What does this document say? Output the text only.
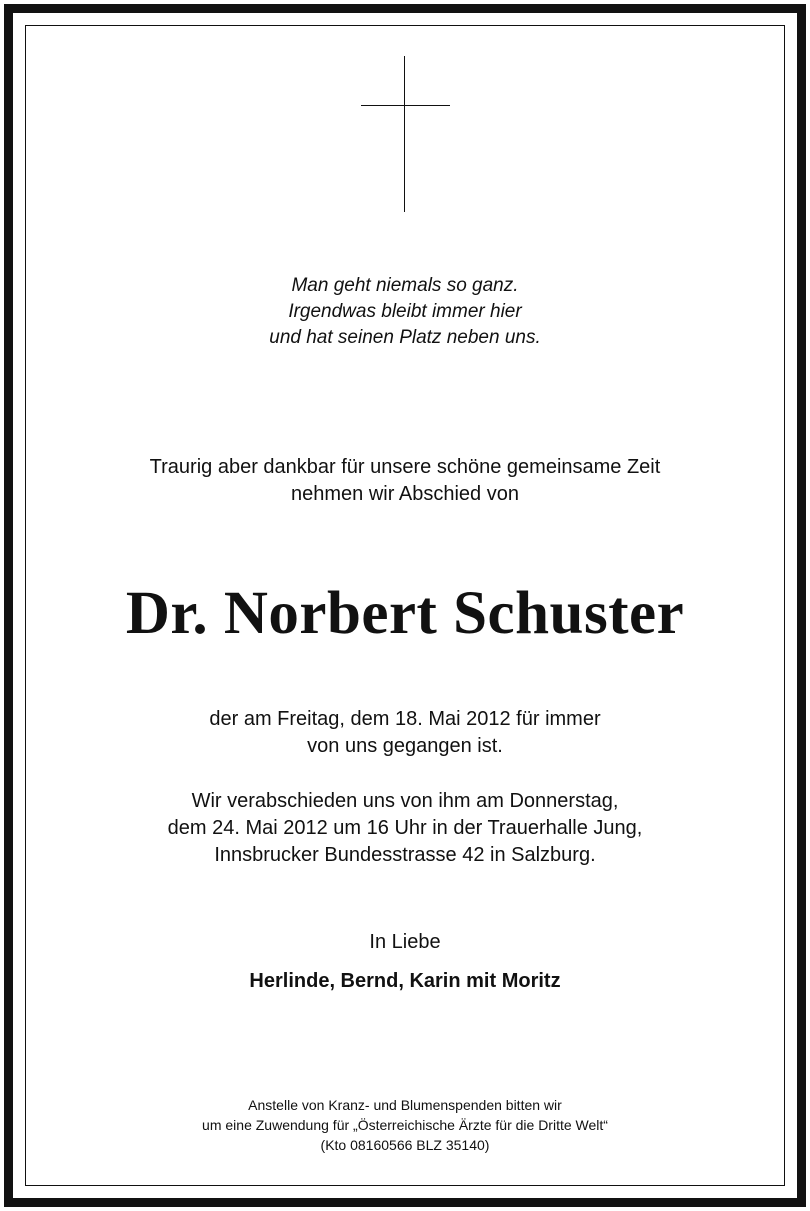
Man geht niemals so ganz.
Irgendwas bleibt immer hier
und hat seinen Platz neben uns.
Traurig aber dankbar für unsere schöne gemeinsame Zeit
nehmen wir Abschied von
Dr. Norbert Schuster
der am Freitag, dem 18. Mai 2012 für immer
von uns gegangen ist.
Wir verabschieden uns von ihm am Donnerstag,
dem 24. Mai 2012 um 16 Uhr in der Trauerhalle Jung,
Innsbrucker Bundesstrasse 42 in Salzburg.
In Liebe
Herlinde, Bernd, Karin mit Moritz
Anstelle von Kranz- und Blumenspenden bitten wir
um eine Zuwendung für „Österreichische Ärzte für die Dritte Welt“
(Kto 08160566 BLZ 35140)
